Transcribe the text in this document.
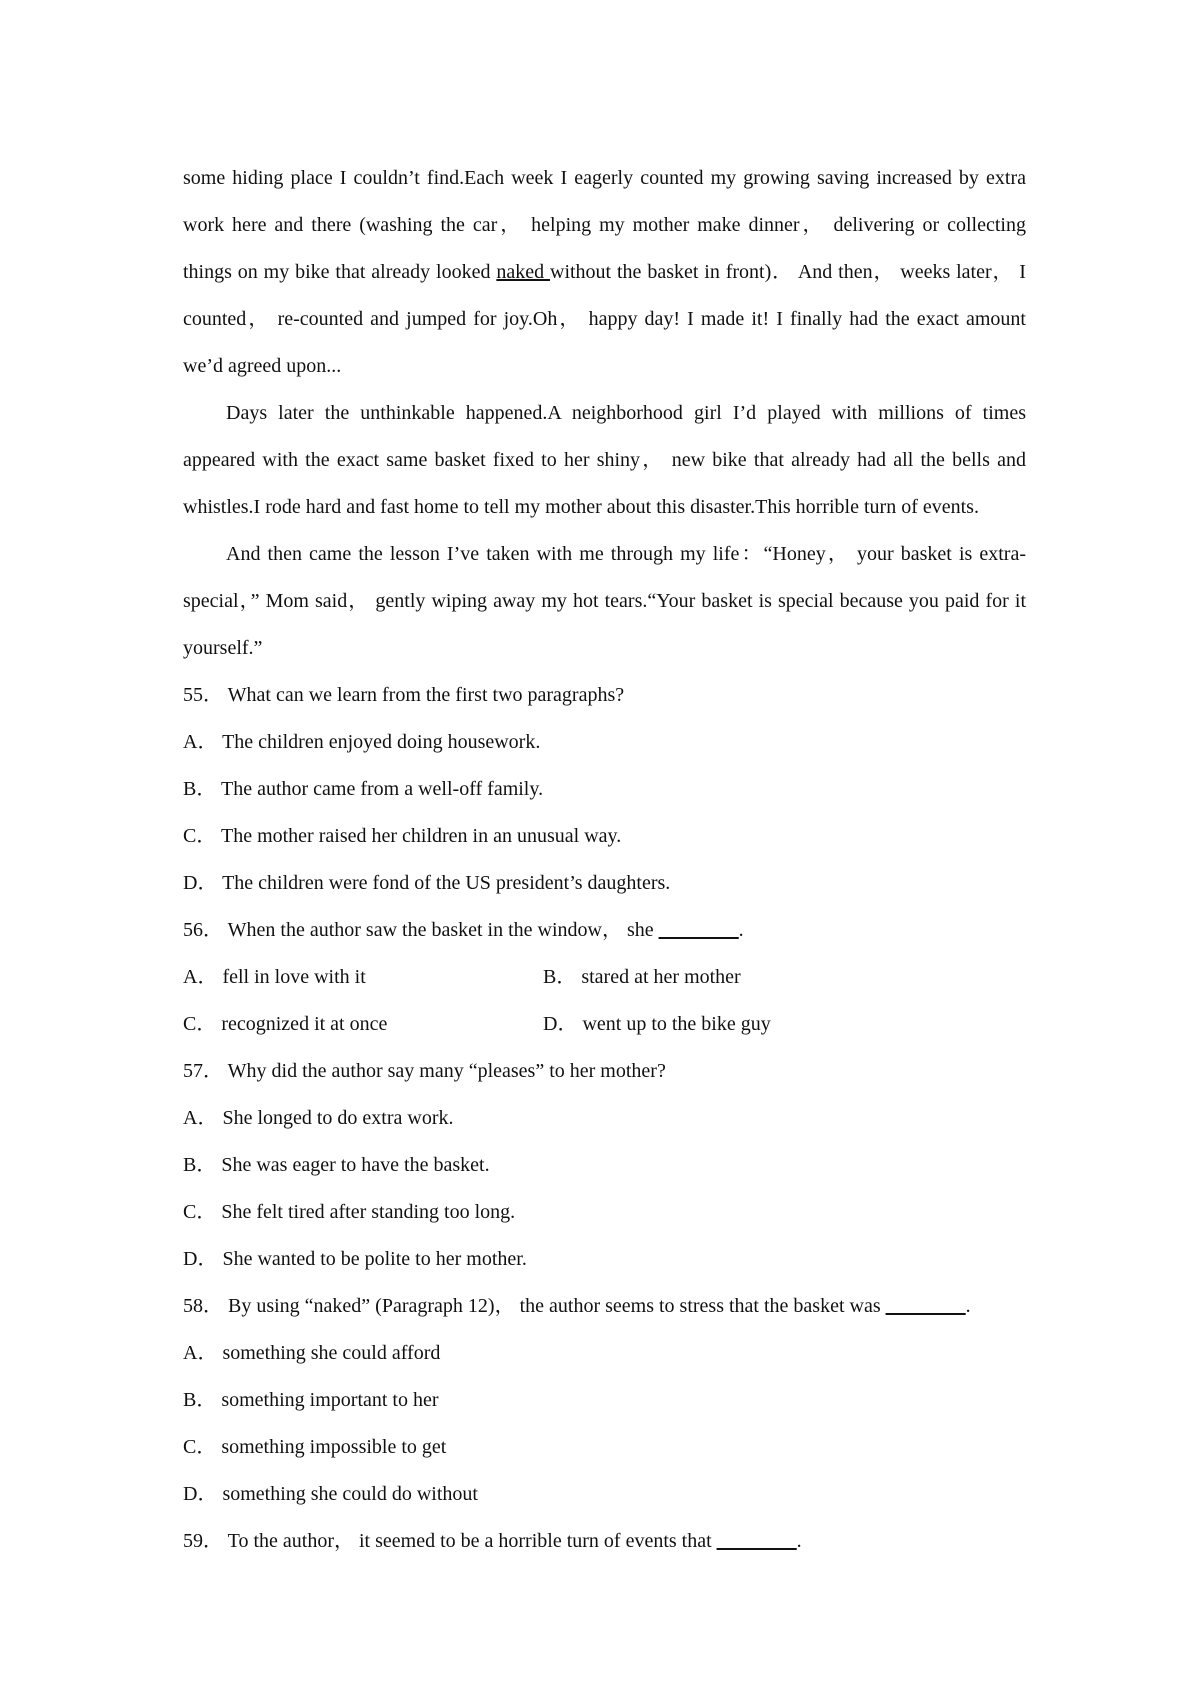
some hiding place I couldn’t find.Each week I eagerly counted my growing saving increased by extra work here and there (washing the car， helping my mother make dinner， delivering or collecting things on my bike that already looked naked without the basket in front)． And then， weeks later， I counted， re-counted and jumped for joy.Oh， happy day! I made it! I finally had the exact amount we’d agreed upon...

Days later the unthinkable happened.A neighborhood girl I’d played with millions of times appeared with the exact same basket fixed to her shiny， new bike that already had all the bells and whistles.I rode hard and fast home to tell my mother about this disaster.This horrible turn of events.

And then came the lesson I’ve taken with me through my life：“Honey， your basket is extra-special，” Mom said， gently wiping away my hot tears.“Your basket is special because you paid for it yourself.”

55． What can we learn from the first two paragraphs?

A． The children enjoyed doing housework.

B． The author came from a well-off family.

C． The mother raised her children in an unusual way.

D． The children were fond of the US president’s daughters.

56． When the author saw the basket in the window， she ________.

A． fell in love with it	B． stared at her mother
C． recognized it at once	D． went up to the bike guy

57． Why did the author say many “pleases” to her mother?

A． She longed to do extra work.

B． She was eager to have the basket.

C． She felt tired after standing too long.

D． She wanted to be polite to her mother.

58． By using “naked” (Paragraph 12)， the author seems to stress that the basket was ________.

A． something she could afford

B． something important to her

C． something impossible to get

D． something she could do without

59． To the author， it seemed to be a horrible turn of events that ________.
